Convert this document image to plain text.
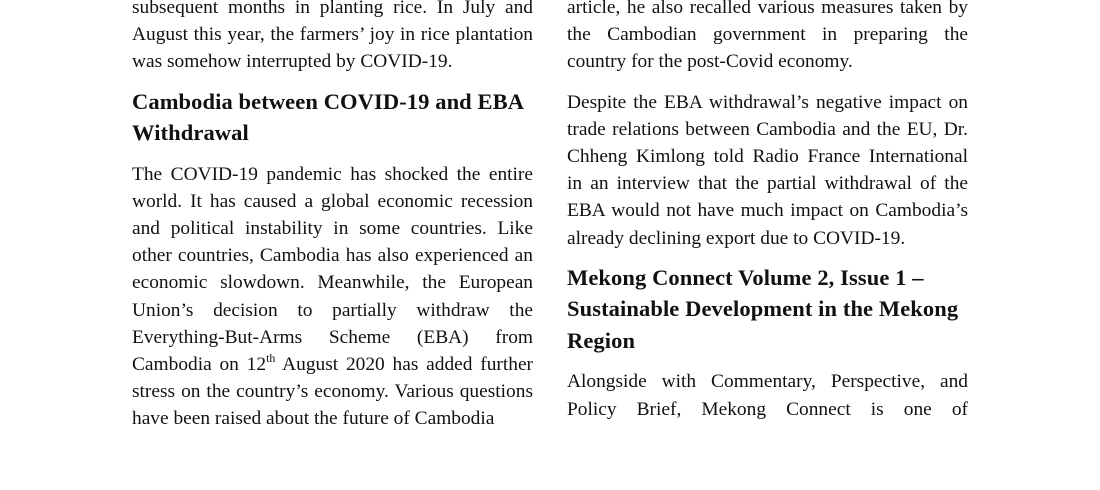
subsequent months in planting rice. In July and August this year, the farmers’ joy in rice plantation was somehow interrupted by COVID-19.

Cambodia between COVID-19 and EBA Withdrawal

The COVID-19 pandemic has shocked the entire world. It has caused a global economic recession and political instability in some countries. Like other countries, Cambodia has also experienced an economic slowdown. Meanwhile, the European Union’s decision to partially withdraw the Everything-But-Arms Scheme (EBA) from Cambodia on 12th August 2020 has added further stress on the country’s economy. Various questions have been raised about the future of Cambodia

article, he also recalled various measures taken by the Cambodian government in preparing the country for the post-Covid economy.

Despite the EBA withdrawal’s negative impact on trade relations between Cambodia and the EU, Dr. Chheng Kimlong told Radio France International in an interview that the partial withdrawal of the EBA would not have much impact on Cambodia’s already declining export due to COVID-19.

Mekong Connect Volume 2, Issue 1 – Sustainable Development in the Mekong Region

Alongside with Commentary, Perspective, and Policy Brief, Mekong Connect is one of
